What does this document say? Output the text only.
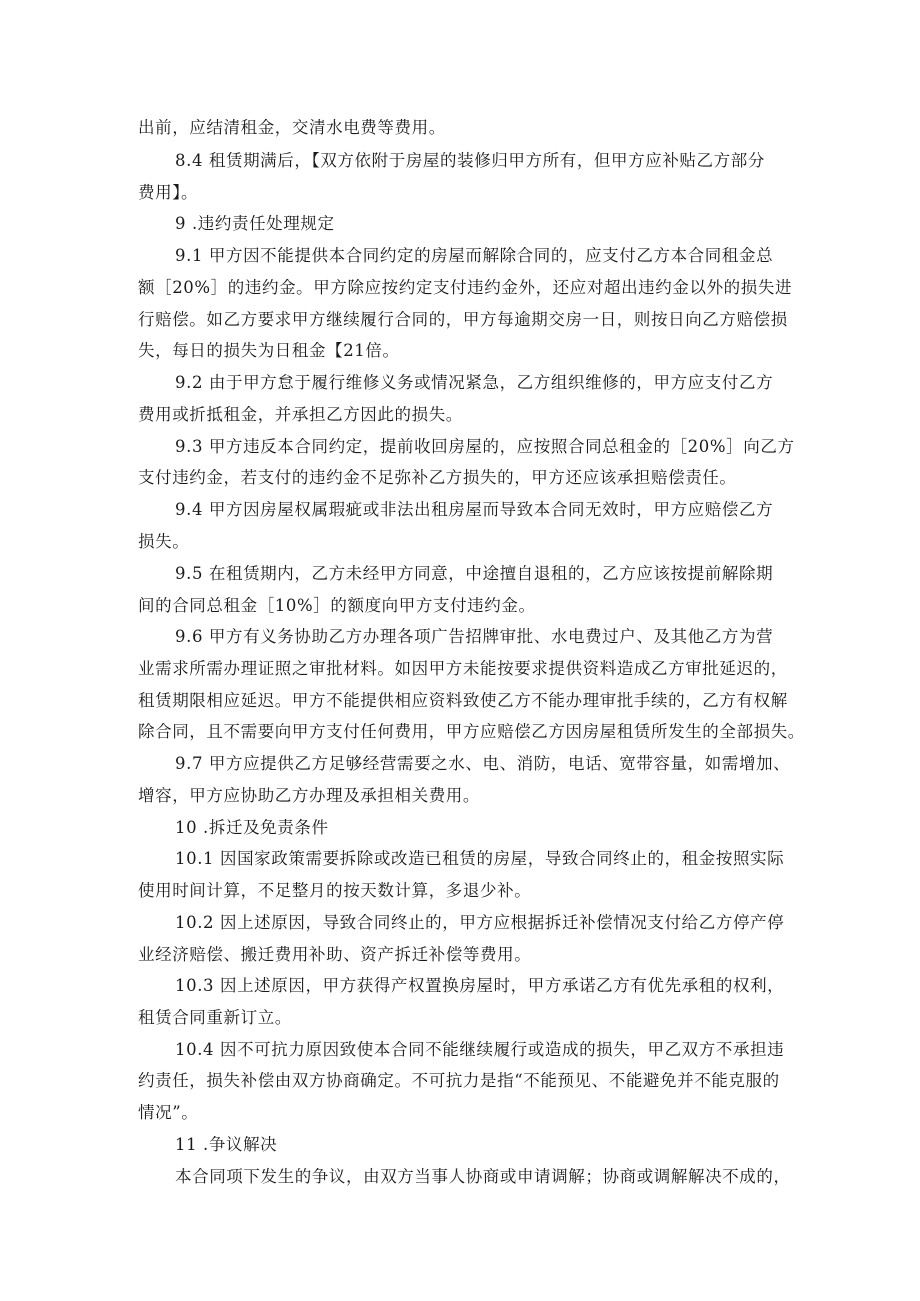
出前，应结清租金，交清水电费等费用。
8.4 租赁期满后，【双方依附于房屋的装修归甲方所有，但甲方应补贴乙方部分
费用】。
9 .违约责任处理规定
9.1 甲方因不能提供本合同约定的房屋而解除合同的，应支付乙方本合同租金总
额［20%］的违约金。甲方除应按约定支付违约金外，还应对超出违约金以外的损失进
行赔偿。如乙方要求甲方继续履行合同的，甲方每逾期交房一日，则按日向乙方赔偿损
失，每日的损失为日租金【21倍。
9.2 由于甲方怠于履行维修义务或情况紧急，乙方组织维修的，甲方应支付乙方
费用或折抵租金，并承担乙方因此的损失。
9.3 甲方违反本合同约定，提前收回房屋的，应按照合同总租金的［20%］向乙方
支付违约金，若支付的违约金不足弥补乙方损失的，甲方还应该承担赔偿责任。
9.4 甲方因房屋权属瑕疵或非法出租房屋而导致本合同无效时，甲方应赔偿乙方
损失。
9.5 在租赁期内，乙方未经甲方同意，中途擅自退租的，乙方应该按提前解除期
间的合同总租金［10%］的额度向甲方支付违约金。
9.6 甲方有义务协助乙方办理各项广告招牌审批、水电费过户、及其他乙方为营
业需求所需办理证照之审批材料。如因甲方未能按要求提供资料造成乙方审批延迟的，
租赁期限相应延迟。甲方不能提供相应资料致使乙方不能办理审批手续的，乙方有权解
除合同，且不需要向甲方支付任何费用，甲方应赔偿乙方因房屋租赁所发生的全部损失。
9.7 甲方应提供乙方足够经营需要之水、电、消防，电话、宽带容量，如需增加、
增容，甲方应协助乙方办理及承担相关费用。
10 .拆迁及免责条件
10.1 因国家政策需要拆除或改造已租赁的房屋，导致合同终止的，租金按照实际
使用时间计算，不足整月的按天数计算，多退少补。
10.2 因上述原因，导致合同终止的，甲方应根据拆迁补偿情况支付给乙方停产停
业经济赔偿、搬迁费用补助、资产拆迁补偿等费用。
10.3 因上述原因，甲方获得产权置换房屋时，甲方承诺乙方有优先承租的权利，
租赁合同重新订立。
10.4 因不可抗力原因致使本合同不能继续履行或造成的损失，甲乙双方不承担违
约责任，损失补偿由双方协商确定。不可抗力是指“不能预见、不能避免并不能克服的
情况”。
11 .争议解决
本合同项下发生的争议，由双方当事人协商或申请调解；协商或调解解决不成的，
